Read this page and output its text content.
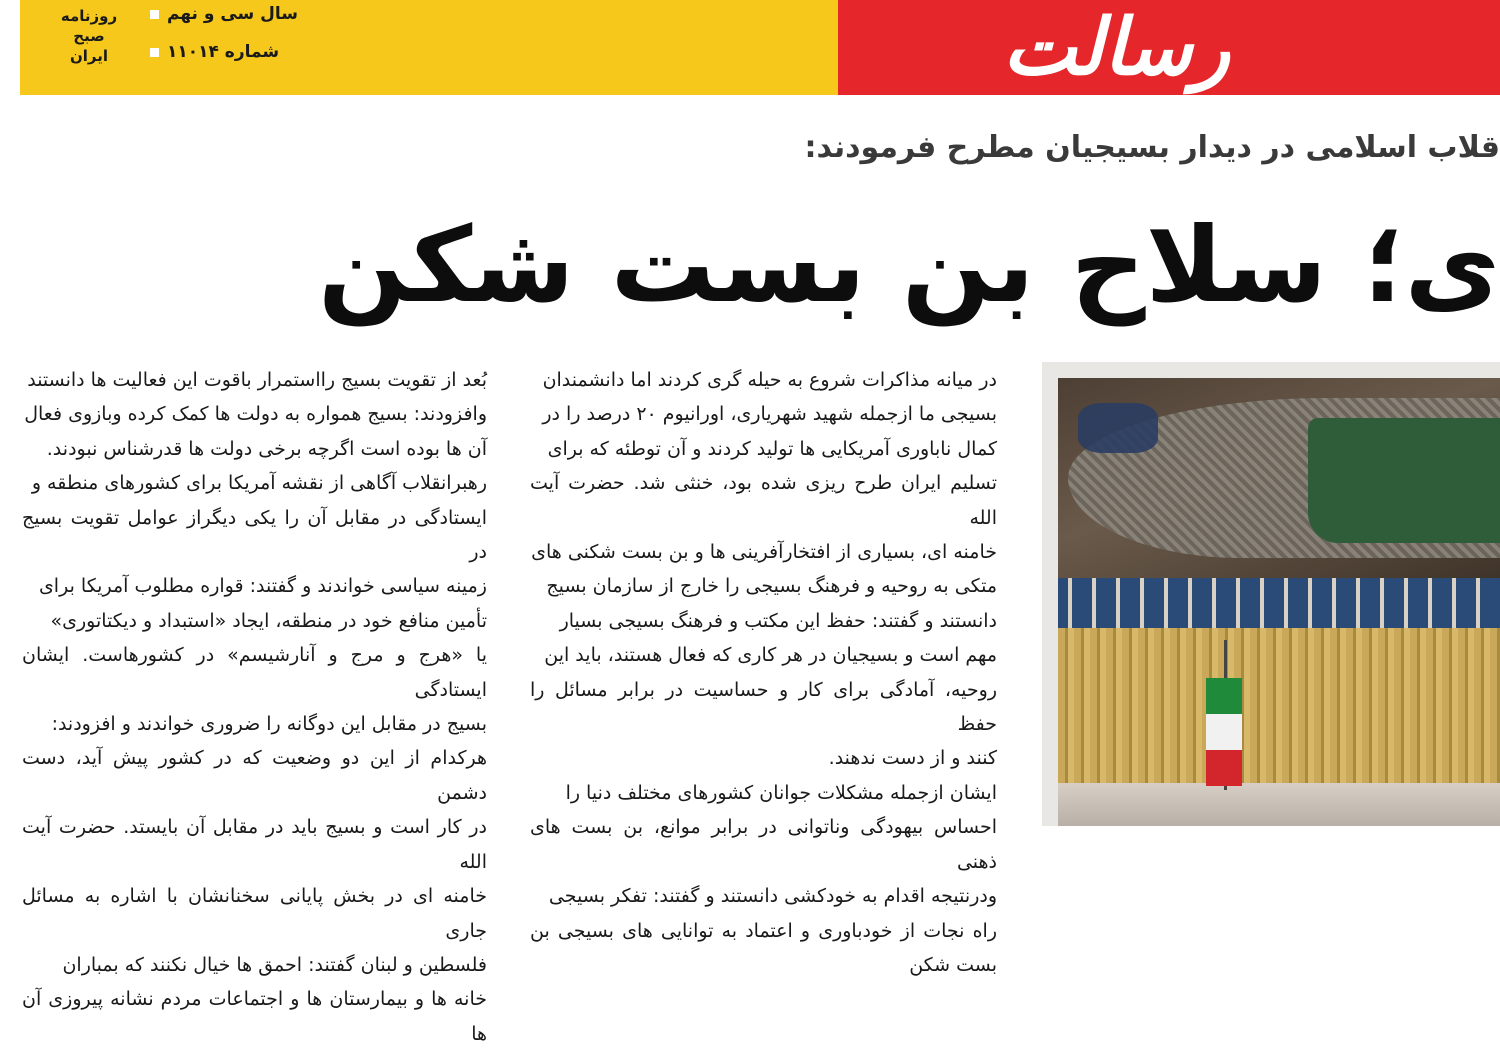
رسالت
سال سی و نهم
شماره ۱۱۰۱۴
روزنامه
صبح
ایران
قلاب اسلامی در دیدار بسیجیان مطرح فرمودند:
ی؛ سلاح بن بست شکن

بُعد از تقویت بسیج رااستمرار باقوت این فعالیت ها دانستند

وافزودند: بسیج همواره به دولت ها کمک کرده وبازوی فعال

آن ها بوده است اگرچه برخی دولت ها قدرشناس نبودند.

رهبرانقلاب آگاهی از نقشه آمریکا برای کشورهای منطقه و

ایستادگی در مقابل آن را یکی دیگراز عوامل تقویت بسیج در

زمینه سیاسی خواندند و گفتند: قواره مطلوب آمریکا برای

تأمین منافع خود در منطقه، ایجاد «استبداد و دیکتاتوری»

یا «هرج و مرج و آنارشیسم» در کشورهاست. ایشان ایستادگی

بسیج در مقابل این دوگانه را ضروری خواندند و افزودند:

هرکدام از این دو وضعیت که در کشور پیش آید، دست دشمن

در کار است و بسیج باید در مقابل آن بایستد. حضرت آیت الله

خامنه ای در بخش پایانی سخنانشان با اشاره به مسائل جاری

فلسطین و لبنان گفتند: احمق ها خیال نکنند که بمباران

خانه ها و بیمارستان ها و اجتماعات مردم نشانه پیروزی آن ها

در میانه مذاکرات شروع به حیله گری کردند اما دانشمندان

بسیجی ما ازجمله شهید شهریاری، اورانیوم ۲۰ درصد را در

کمال ناباوری آمریکایی ها تولید کردند و آن توطئه که برای

تسلیم ایران طرح ریزی شده بود، خنثی شد. حضرت آیت الله

خامنه ای، بسیاری از افتخارآفرینی ها و بن بست شکنی های

متکی به روحیه و فرهنگ بسیجی را خارج از سازمان بسیج

دانستند و گفتند: حفظ این مکتب و فرهنگ بسیجی بسیار

مهم است و بسیجیان در هر کاری که فعال هستند، باید این

روحیه، آمادگی برای کار و حساسیت در برابر مسائل را حفظ

کنند و از دست ندهند.

ایشان ازجمله مشکلات جوانان کشورهای مختلف دنیا را

احساس بیهودگی وناتوانی در برابر موانع، بن بست های ذهنی

ودرنتیجه اقدام به خودکشی دانستند و گفتند: تفکر بسیجی

راه نجات از خودباوری و اعتماد به توانایی های بسیجی بن بست شکن
